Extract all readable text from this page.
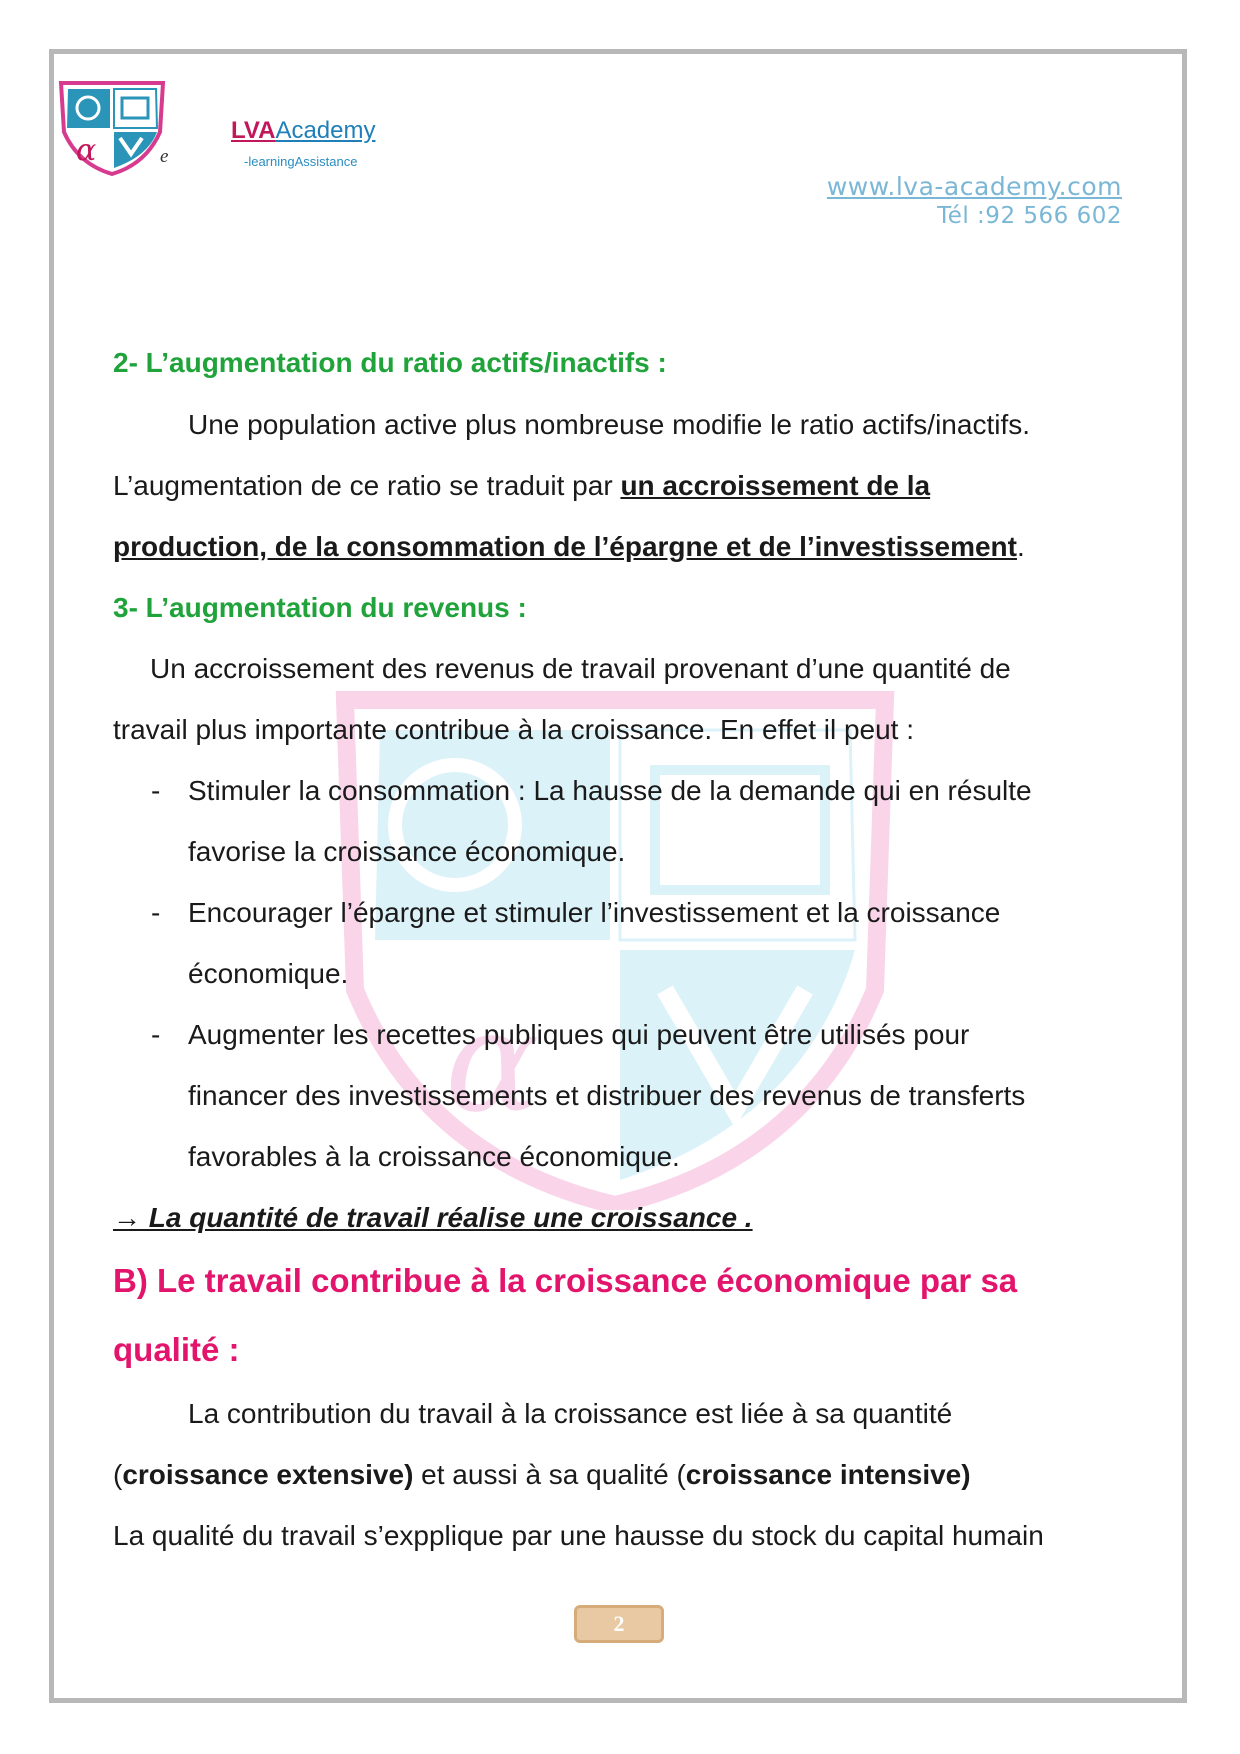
α
α	e
LVAAcademy
-learningAssistance
www.lva-academy.com
Tél :92 566 602
2- L’augmentation du ratio actifs/inactifs :
Une population active plus nombreuse modifie le ratio actifs/inactifs.
L’augmentation de ce ratio se traduit par un accroissement de la
production, de la consommation de l’épargne et de l’investissement.
3- L’augmentation du revenus :
Un accroissement des revenus de travail provenant d’une quantité de
travail plus importante contribue à la croissance. En effet il peut :
- Stimuler la consommation : La hausse de la demande qui en résulte
favorise la croissance économique.
- Encourager l’épargne et stimuler l’investissement et la croissance
économique.
- Augmenter les recettes publiques qui peuvent être utilisés pour
financer des investissements et distribuer des revenus de transferts
favorables à la croissance économique.
→ La quantité de travail réalise une croissance .
B) Le travail contribue à la croissance économique par sa
qualité :
La contribution du travail à la croissance est liée à sa quantité
(croissance extensive) et aussi à sa qualité (croissance intensive)
La qualité du travail s’expplique par une hausse du stock du capital humain
2
